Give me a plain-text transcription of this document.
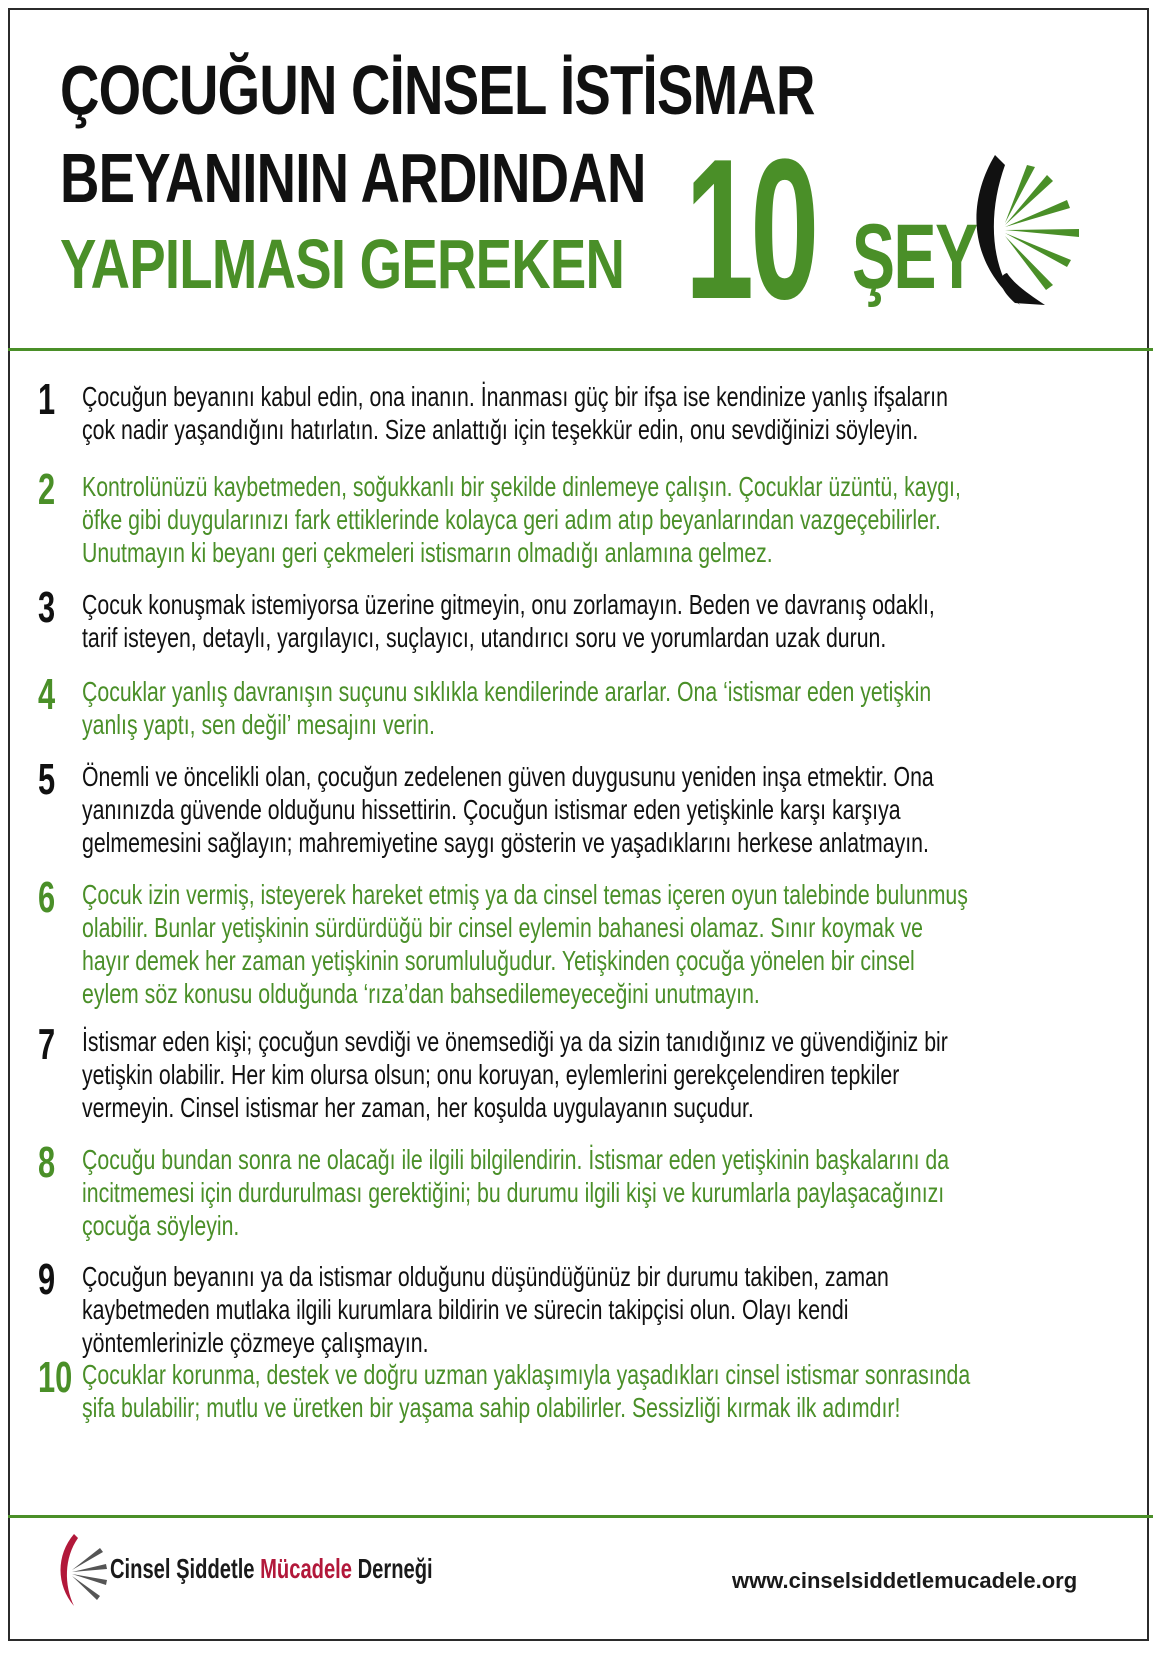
ÇOCUĞUN CİNSEL İSTİSMAR
BEYANININ ARDINDAN
YAPILMASI GEREKEN 10 ŞEY
1 Çocuğun beyanını kabul edin, ona inanın. İnanması güç bir ifşa ise kendinize yanlış ifşaların
çok nadir yaşandığını hatırlatın. Size anlattığı için teşekkür edin, onu sevdiğinizi söyleyin.
2 Kontrolünüzü kaybetmeden, soğukkanlı bir şekilde dinlemeye çalışın. Çocuklar üzüntü, kaygı,
öfke gibi duygularınızı fark ettiklerinde kolayca geri adım atıp beyanlarından vazgeçebilirler.
Unutmayın ki beyanı geri çekmeleri istismarın olmadığı anlamına gelmez.
3 Çocuk konuşmak istemiyorsa üzerine gitmeyin, onu zorlamayın. Beden ve davranış odaklı,
tarif isteyen, detaylı, yargılayıcı, suçlayıcı, utandırıcı soru ve yorumlardan uzak durun.
4 Çocuklar yanlış davranışın suçunu sıklıkla kendilerinde ararlar. Ona ‘istismar eden yetişkin
yanlış yaptı, sen değil’ mesajını verin.
5 Önemli ve öncelikli olan, çocuğun zedelenen güven duygusunu yeniden inşa etmektir. Ona
yanınızda güvende olduğunu hissettirin. Çocuğun istismar eden yetişkinle karşı karşıya
gelmemesini sağlayın; mahremiyetine saygı gösterin ve yaşadıklarını herkese anlatmayın.
6 Çocuk izin vermiş, isteyerek hareket etmiş ya da cinsel temas içeren oyun talebinde bulunmuş
olabilir. Bunlar yetişkinin sürdürdüğü bir cinsel eylemin bahanesi olamaz. Sınır koymak ve
hayır demek her zaman yetişkinin sorumluluğudur. Yetişkinden çocuğa yönelen bir cinsel
eylem söz konusu olduğunda ‘rıza’dan bahsedilemeyeceğini unutmayın.
7 İstismar eden kişi; çocuğun sevdiği ve önemsediği ya da sizin tanıdığınız ve güvendiğiniz bir
yetişkin olabilir. Her kim olursa olsun; onu koruyan, eylemlerini gerekçelendiren tepkiler
vermeyin. Cinsel istismar her zaman, her koşulda uygulayanın suçudur.
8 Çocuğu bundan sonra ne olacağı ile ilgili bilgilendirin. İstismar eden yetişkinin başkalarını da
incitmemesi için durdurulması gerektiğini; bu durumu ilgili kişi ve kurumlarla paylaşacağınızı
çocuğa söyleyin.
9 Çocuğun beyanını ya da istismar olduğunu düşündüğünüz bir durumu takiben, zaman
kaybetmeden mutlaka ilgili kurumlara bildirin ve sürecin takipçisi olun. Olayı kendi
yöntemlerinizle çözmeye çalışmayın.
10 Çocuklar korunma, destek ve doğru uzman yaklaşımıyla yaşadıkları cinsel istismar sonrasında
şifa bulabilir; mutlu ve üretken bir yaşama sahip olabilirler. Sessizliği kırmak ilk adımdır!
Cinsel Şiddetle Mücadele Derneği	www.cinselsiddetlemucadele.org
